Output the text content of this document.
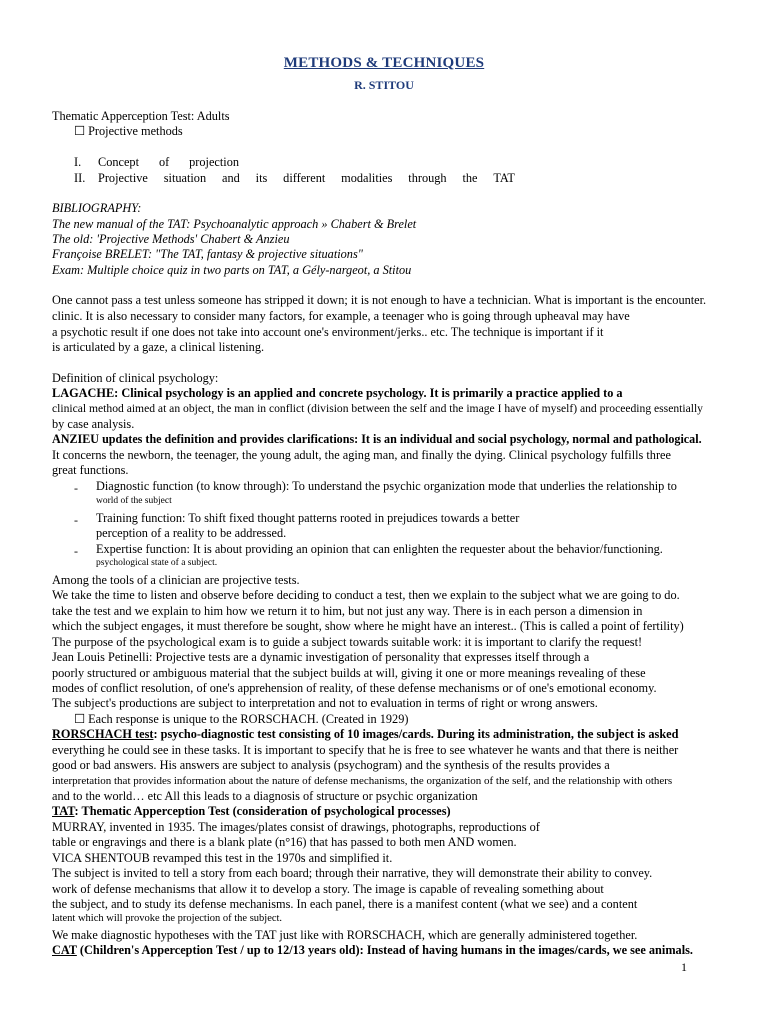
METHODS & TECHNIQUES
R. STITOU
Thematic Apperception Test: Adults
☐ Projective methods
I. Concept of projection
II. Projective situation and its different modalities through the TAT
BIBLIOGRAPHY:
The new manual of the TAT: Psychoanalytic approach » Chabert & Brelet
The old: 'Projective Methods' Chabert & Anzieu
Françoise BRELET: "The TAT, fantasy & projective situations"
Exam: Multiple choice quiz in two parts on TAT, a Gély-nargeot, a Stitou
One cannot pass a test unless someone has stripped it down; it is not enough to have a technician. What is important is the encounter.
clinic. It is also necessary to consider many factors, for example, a teenager who is going through upheaval may have
a psychotic result if one does not take into account one's environment/jerks.. etc. The technique is important if it
is articulated by a gaze, a clinical listening.
Definition of clinical psychology:
LAGACHE: Clinical psychology is an applied and concrete psychology. It is primarily a practice applied to a
clinical method aimed at an object, the man in conflict (division between the self and the image I have of myself) and proceeding essentially
by case analysis.
ANZIEU updates the definition and provides clarifications: It is an individual and social psychology, normal and pathological.
It concerns the newborn, the teenager, the young adult, the aging man, and finally the dying. Clinical psychology fulfills three
great functions.
- Diagnostic function (to know through): To understand the psychic organization mode that underlies the relationship to
world of the subject
- Training function: To shift fixed thought patterns rooted in prejudices towards a better
perception of a reality to be addressed.
- Expertise function: It is about providing an opinion that can enlighten the requester about the behavior/functioning.
psychological state of a subject.
Among the tools of a clinician are projective tests.
We take the time to listen and observe before deciding to conduct a test, then we explain to the subject what we are going to do.
take the test and we explain to him how we return it to him, but not just any way. There is in each person a dimension in
which the subject engages, it must therefore be sought, show where he might have an interest.. (This is called a point of fertility)
The purpose of the psychological exam is to guide a subject towards suitable work: it is important to clarify the request!
Jean Louis Petinelli: Projective tests are a dynamic investigation of personality that expresses itself through a
poorly structured or ambiguous material that the subject builds at will, giving it one or more meanings revealing of these
modes of conflict resolution, of one's apprehension of reality, of these defense mechanisms or of one's emotional economy.
The subject's productions are subject to interpretation and not to evaluation in terms of right or wrong answers.
☐ Each response is unique to the RORSCHACH. (Created in 1929)
RORSCHACH test: psycho-diagnostic test consisting of 10 images/cards. During its administration, the subject is asked
everything he could see in these tasks. It is important to specify that he is free to see whatever he wants and that there is neither
good or bad answers. His answers are subject to analysis (psychogram) and the synthesis of the results provides a
interpretation that provides information about the nature of defense mechanisms, the organization of the self, and the relationship with others
and to the world… etc All this leads to a diagnosis of structure or psychic organization
TAT: Thematic Apperception Test (consideration of psychological processes)
MURRAY, invented in 1935. The images/plates consist of drawings, photographs, reproductions of
table or engravings and there is a blank plate (n°16) that has passed to both men AND women.
VICA SHENTOUB revamped this test in the 1970s and simplified it.
The subject is invited to tell a story from each board; through their narrative, they will demonstrate their ability to convey.
work of defense mechanisms that allow it to develop a story. The image is capable of revealing something about
the subject, and to study its defense mechanisms. In each panel, there is a manifest content (what we see) and a content
latent which will provoke the projection of the subject.
We make diagnostic hypotheses with the TAT just like with RORSCHACH, which are generally administered together.
CAT (Children's Apperception Test / up to 12/13 years old): Instead of having humans in the images/cards, we see animals.
1
